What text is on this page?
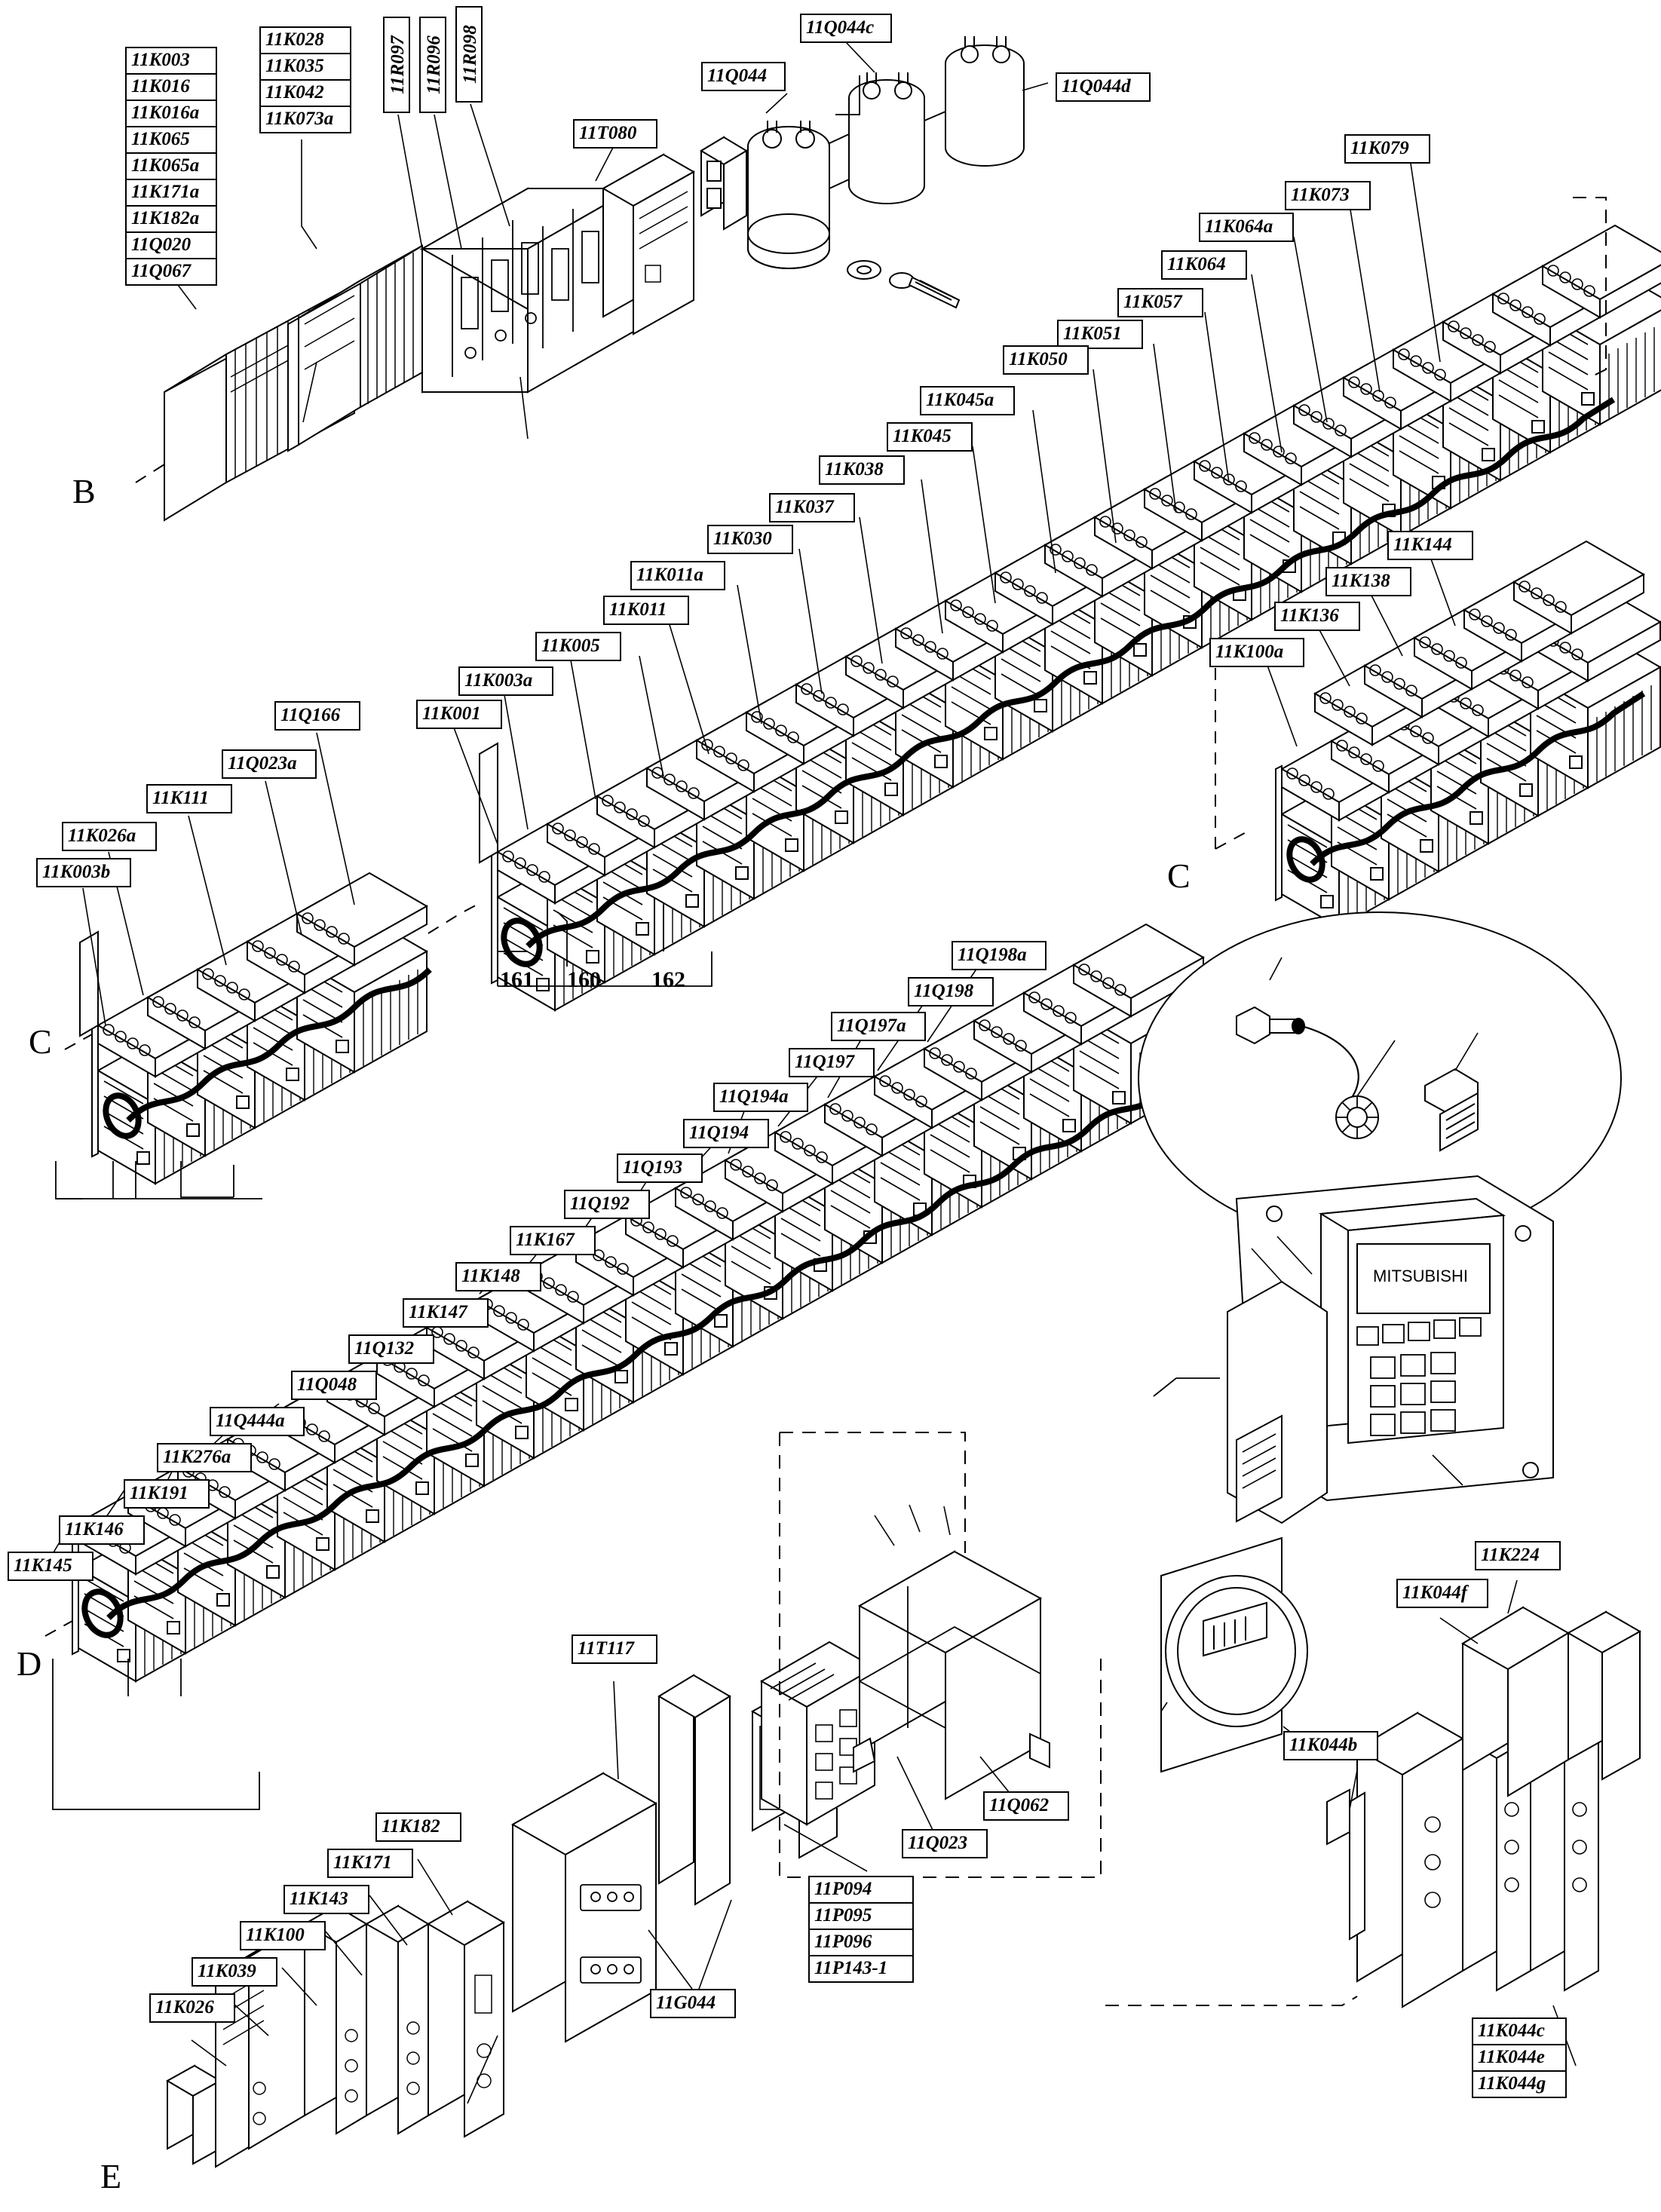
MITSUBISHI
B
C
C
D
E
161 160 162
11K003
11K016
11K016a
11K065
11K065a
11K171a
11K182a
11Q020
11Q067
11K028
11K035
11K042
11K073a
11R097 11R096 11R098
11T080
11Q044
11Q044c
11Q044d
11K079
11K073
11K064a
11K064
11K057
11K051
11K050
11K045a
11K045
11K038
11K037
11K030
11K011a
11K011
11K005
11K003a
11K001
11Q166
11Q023a
11K111
11K026a
11K003b
11K144
11K138
11K136
11K100a
11Q198a
11Q198
11Q197a
11Q197
11Q194a
11Q194
11Q193
11Q192
11K167
11K148
11K147
11Q132
11Q048
11Q444a
11K276a
11K191
11K146
11K145
11T117
11Q062
11Q023
11P094
11P095
11P096
11P143-1
11G044
11K182
11K171
11K143
11K100
11K039
11K026
11K224
11K044f
11K044b
11K044c
11K044e
11K044g
